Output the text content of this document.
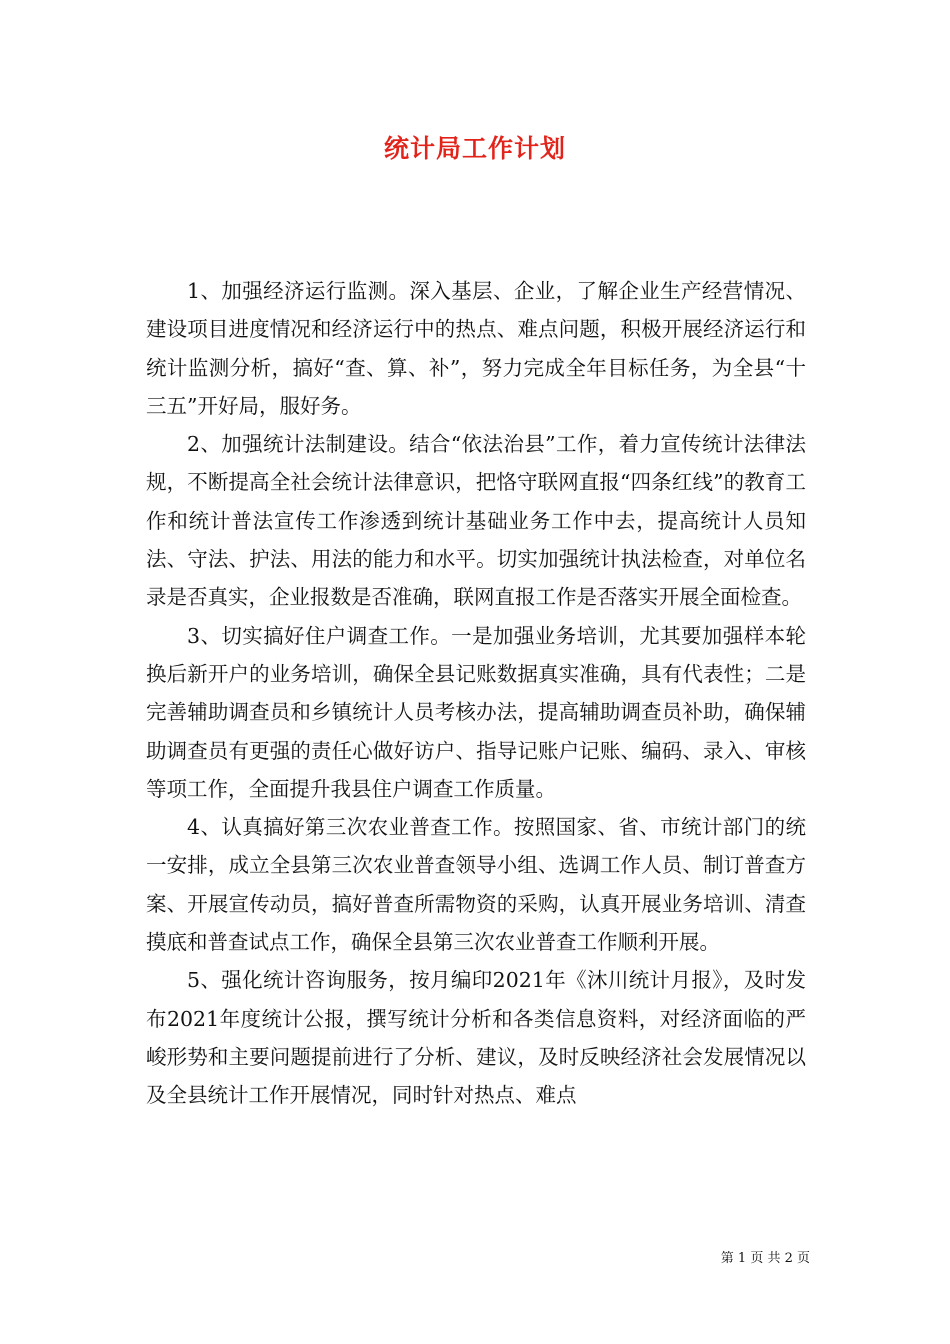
统计局工作计划

1、加强经济运行监测。深入基层、企业，了解企业生产经营情况、建设项目进度情况和经济运行中的热点、难点问题，积极开展经济运行和统计监测分析，搞好“查、算、补”，努力完成全年目标任务，为全县“十三五”开好局，服好务。

2、加强统计法制建设。结合“依法治县”工作，着力宣传统计法律法规，不断提高全社会统计法律意识，把恪守联网直报“四条红线”的教育工作和统计普法宣传工作渗透到统计基础业务工作中去，提高统计人员知法、守法、护法、用法的能力和水平。切实加强统计执法检查，对单位名录是否真实，企业报数是否准确，联网直报工作是否落实开展全面检查。

3、切实搞好住户调查工作。一是加强业务培训，尤其要加强样本轮换后新开户的业务培训，确保全县记账数据真实准确，具有代表性；二是完善辅助调查员和乡镇统计人员考核办法，提高辅助调查员补助，确保辅助调查员有更强的责任心做好访户、指导记账户记账、编码、录入、审核等项工作，全面提升我县住户调查工作质量。

4、认真搞好第三次农业普查工作。按照国家、省、市统计部门的统一安排，成立全县第三次农业普查领导小组、选调工作人员、制订普查方案、开展宣传动员，搞好普查所需物资的采购，认真开展业务培训、清查摸底和普查试点工作，确保全县第三次农业普查工作顺利开展。

5、强化统计咨询服务，按月编印2021年《沐川统计月报》，及时发布2021年度统计公报，撰写统计分析和各类信息资料，对经济面临的严峻形势和主要问题提前进行了分析、建议，及时反映经济社会发展情况以及全县统计工作开展情况，同时针对热点、难点

第 1 页 共 2 页
